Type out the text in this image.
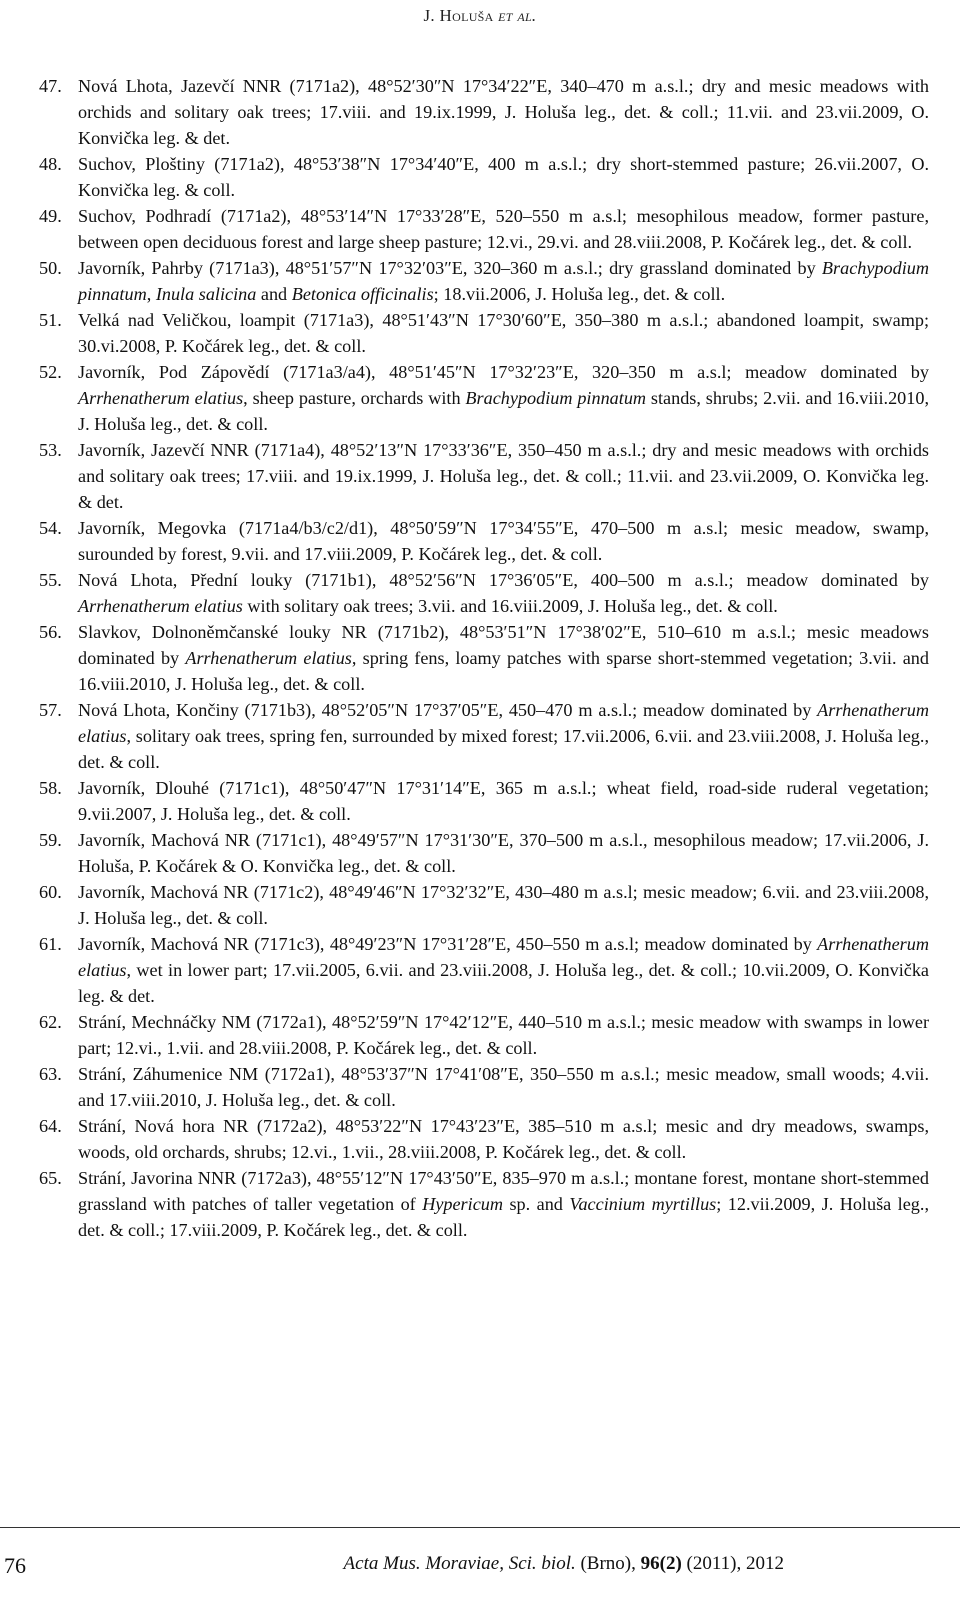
J. Holuša et al.
47. Nová Lhota, Jazevčí NNR (7171a2), 48°52′30″N 17°34′22″E, 340–470 m a.s.l.; dry and mesic meadows with orchids and solitary oak trees; 17.viii. and 19.ix.1999, J. Holuša leg., det. & coll.; 11.vii. and 23.vii.2009, O. Konvička leg. & det.
48. Suchov, Ploštiny (7171a2), 48°53′38″N 17°34′40″E, 400 m a.s.l.; dry short-stemmed pasture; 26.vii.2007, O. Konvička leg. & coll.
49. Suchov, Podhradí (7171a2), 48°53′14″N 17°33′28″E, 520–550 m a.s.l; mesophilous meadow, former pasture, between open deciduous forest and large sheep pasture; 12.vi., 29.vi. and 28.viii.2008, P. Kočárek leg., det. & coll.
50. Javorník, Pahrby (7171a3), 48°51′57″N 17°32′03″E, 320–360 m a.s.l.; dry grassland dominated by Brachypodium pinnatum, Inula salicina and Betonica officinalis; 18.vii.2006, J. Holuša leg., det. & coll.
51. Velká nad Veličkou, loampit (7171a3), 48°51′43″N 17°30′60″E, 350–380 m a.s.l.; abandoned loampit, swamp; 30.vi.2008, P. Kočárek leg., det. & coll.
52. Javorník, Pod Zápovědí (7171a3/a4), 48°51′45″N 17°32′23″E, 320–350 m a.s.l; meadow dominated by Arrhenatherum elatius, sheep pasture, orchards with Brachypodium pinnatum stands, shrubs; 2.vii. and 16.viii.2010, J. Holuša leg., det. & coll.
53. Javorník, Jazevčí NNR (7171a4), 48°52′13″N 17°33′36″E, 350–450 m a.s.l.; dry and mesic meadows with orchids and solitary oak trees; 17.viii. and 19.ix.1999, J. Holuša leg., det. & coll.; 11.vii. and 23.vii.2009, O. Konvička leg. & det.
54. Javorník, Megovka (7171a4/b3/c2/d1), 48°50′59″N 17°34′55″E, 470–500 m a.s.l; mesic meadow, swamp, surounded by forest, 9.vii. and 17.viii.2009, P. Kočárek leg., det. & coll.
55. Nová Lhota, Přední louky (7171b1), 48°52′56″N 17°36′05″E, 400–500 m a.s.l.; meadow dominated by Arrhenatherum elatius with solitary oak trees; 3.vii. and 16.viii.2009, J. Holuša leg., det. & coll.
56. Slavkov, Dolnoněmčanské louky NR (7171b2), 48°53′51″N 17°38′02″E, 510–610 m a.s.l.; mesic meadows dominated by Arrhenatherum elatius, spring fens, loamy patches with sparse short-stemmed vegetation; 3.vii. and 16.viii.2010, J. Holuša leg., det. & coll.
57. Nová Lhota, Končiny (7171b3), 48°52′05″N 17°37′05″E, 450–470 m a.s.l.; meadow dominated by Arrhenatherum elatius, solitary oak trees, spring fen, surrounded by mixed forest; 17.vii.2006, 6.vii. and 23.viii.2008, J. Holuša leg., det. & coll.
58. Javorník, Dlouhé (7171c1), 48°50′47″N 17°31′14″E, 365 m a.s.l.; wheat field, road-side ruderal vegetation; 9.vii.2007, J. Holuša leg., det. & coll.
59. Javorník, Machová NR (7171c1), 48°49′57″N 17°31′30″E, 370–500 m a.s.l., mesophilous meadow; 17.vii.2006, J. Holuša, P. Kočárek & O. Konvička leg., det. & coll.
60. Javorník, Machová NR (7171c2), 48°49′46″N 17°32′32″E, 430–480 m a.s.l; mesic meadow; 6.vii. and 23.viii.2008, J. Holuša leg., det. & coll.
61. Javorník, Machová NR (7171c3), 48°49′23″N 17°31′28″E, 450–550 m a.s.l; meadow dominated by Arrhenatherum elatius, wet in lower part; 17.vii.2005, 6.vii. and 23.viii.2008, J. Holuša leg., det. & coll.; 10.vii.2009, O. Konvička leg. & det.
62. Strání, Mechnáčky NM (7172a1), 48°52′59″N 17°42′12″E, 440–510 m a.s.l.; mesic meadow with swamps in lower part; 12.vi., 1.vii. and 28.viii.2008, P. Kočárek leg., det. & coll.
63. Strání, Záhumenice NM (7172a1), 48°53′37″N 17°41′08″E, 350–550 m a.s.l.; mesic meadow, small woods; 4.vii. and 17.viii.2010, J. Holuša leg., det. & coll.
64. Strání, Nová hora NR (7172a2), 48°53′22″N 17°43′23″E, 385–510 m a.s.l; mesic and dry meadows, swamps, woods, old orchards, shrubs; 12.vi., 1.vii., 28.viii.2008, P. Kočárek leg., det. & coll.
65. Strání, Javorina NNR (7172a3), 48°55′12″N 17°43′50″E, 835–970 m a.s.l.; montane forest, montane short-stemmed grassland with patches of taller vegetation of Hypericum sp. and Vaccinium myrtillus; 12.vii.2009, J. Holuša leg., det. & coll.; 17.viii.2009, P. Kočárek leg., det. & coll.
76	Acta Mus. Moraviae, Sci. biol. (Brno), 96(2) (2011), 2012
